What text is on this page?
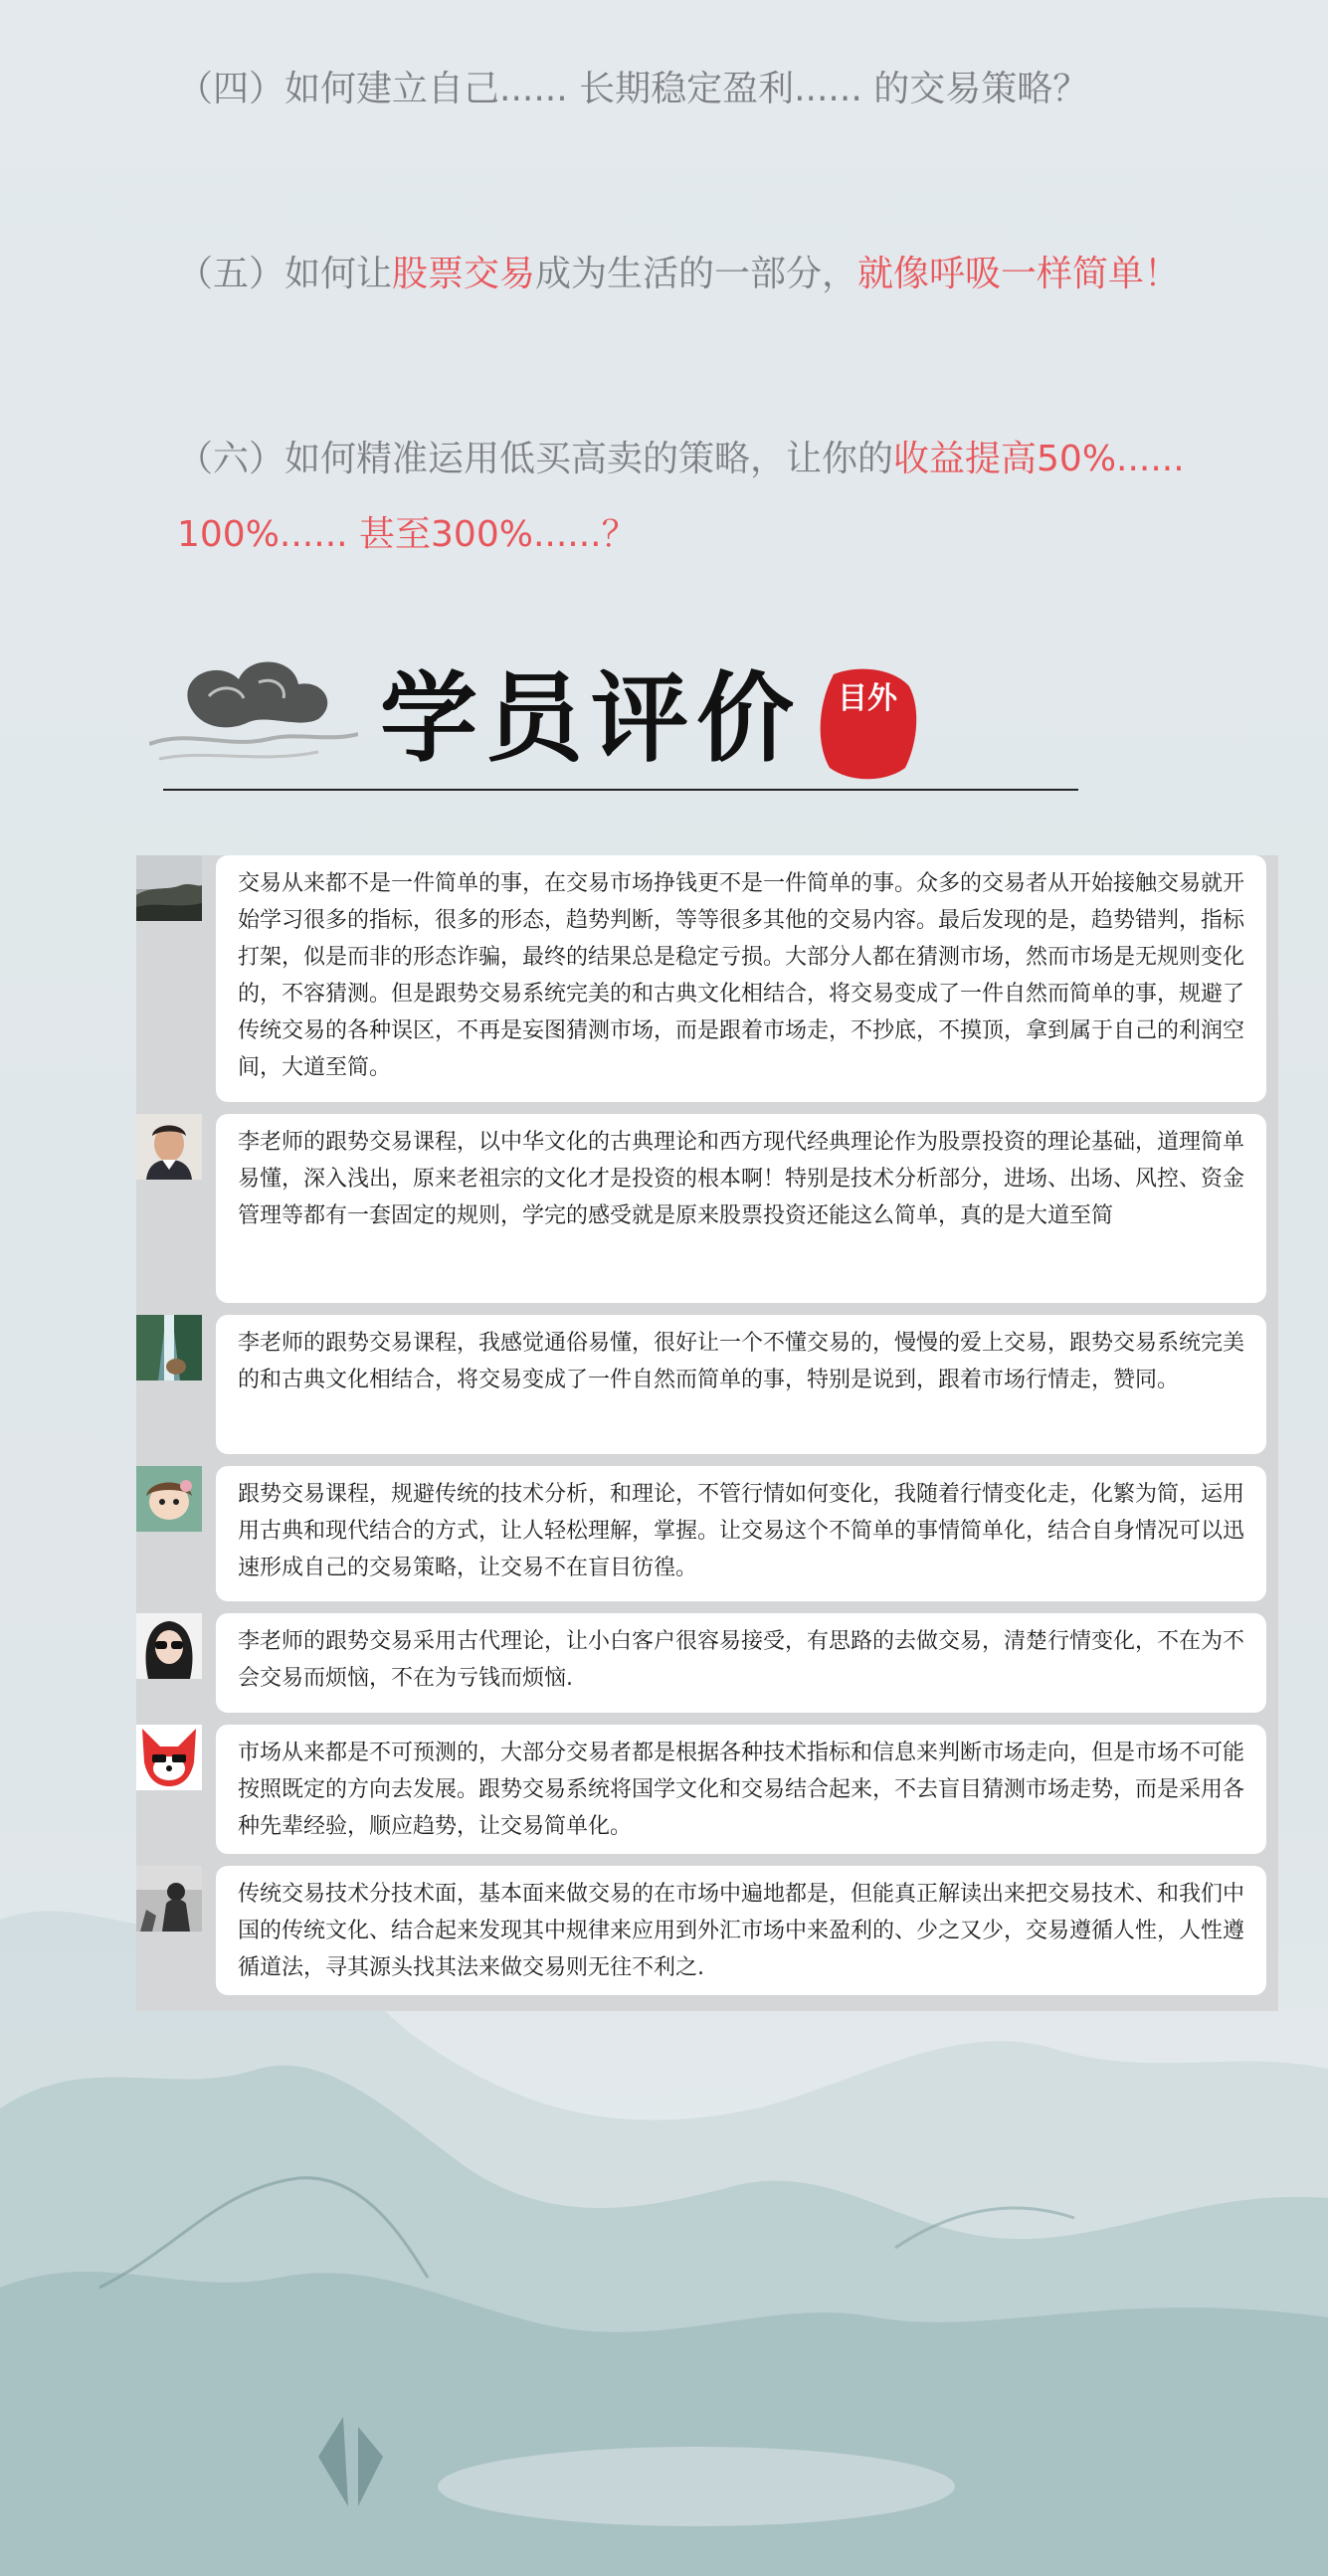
（四）如何建立自己...... 长期稳定盈利...... 的交易策略？
（五）如何让股票交易成为生活的一部分，就像呼吸一样简单！
（六）如何精准运用低买高卖的策略，让你的收益提高50%...... 100%...... 甚至300%......？
学员评价 目外
交易从来都不是一件简单的事，在交易市场挣钱更不是一件简单的事。众多的交易者从开始接触交易就开始学习很多的指标，很多的形态，趋势判断，等等很多其他的交易内容。最后发现的是，趋势错判，指标打架，似是而非的形态诈骗，最终的结果总是稳定亏损。大部分人都在猜测市场，然而市场是无规则变化的，不容猜测。但是跟势交易系统完美的和古典文化相结合，将交易变成了一件自然而简单的事，规避了传统交易的各种误区，不再是妄图猜测市场，而是跟着市场走，不抄底，不摸顶，拿到属于自己的利润空间，大道至简。
李老师的跟势交易课程，以中华文化的古典理论和西方现代经典理论作为股票投资的理论基础，道理简单易懂，深入浅出，原来老祖宗的文化才是投资的根本啊！特别是技术分析部分，进场、出场、风控、资金管理等都有一套固定的规则，学完的感受就是原来股票投资还能这么简单，真的是大道至简
李老师的跟势交易课程，我感觉通俗易懂，很好让一个不懂交易的，慢慢的爱上交易，跟势交易系统完美的和古典文化相结合，将交易变成了一件自然而简单的事，特别是说到，跟着市场行情走，赞同。
跟势交易课程，规避传统的技术分析，和理论，不管行情如何变化，我随着行情变化走，化繁为简，运用用古典和现代结合的方式，让人轻松理解，掌握。让交易这个不简单的事情简单化，结合自身情况可以迅速形成自己的交易策略，让交易不在盲目彷徨。
李老师的跟势交易采用古代理论，让小白客户很容易接受，有思路的去做交易，清楚行情变化，不在为不会交易而烦恼，不在为亏钱而烦恼.
市场从来都是不可预测的，大部分交易者都是根据各种技术指标和信息来判断市场走向，但是市场不可能按照既定的方向去发展。跟势交易系统将国学文化和交易结合起来，不去盲目猜测市场走势，而是采用各种先辈经验，顺应趋势，让交易简单化。
传统交易技术分技术面，基本面来做交易的在市场中遍地都是，但能真正解读出来把交易技术、和我们中国的传统文化、结合起来发现其中规律来应用到外汇市场中来盈利的、少之又少，交易遵循人性，人性遵循道法，寻其源头找其法来做交易则无往不利之.
